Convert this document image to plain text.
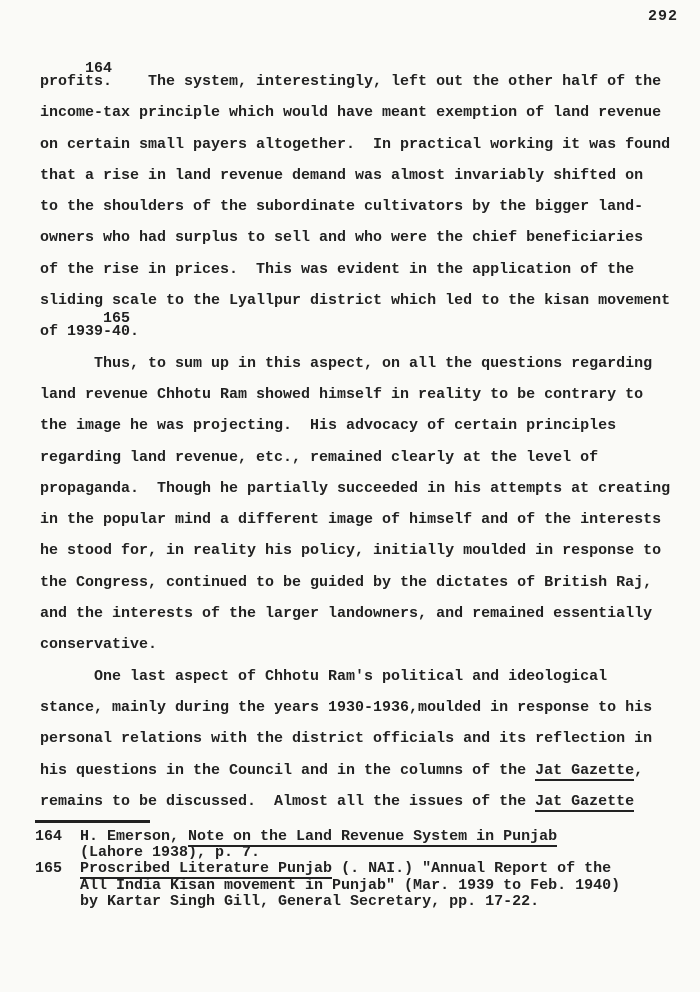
292
164
profits.    The system, interestingly, left out the other half of the
income-tax principle which would have meant exemption of land revenue
on certain small payers altogether.  In practical working it was found
that a rise in land revenue demand was almost invariably shifted on
to the shoulders of the subordinate cultivators by the bigger land-
owners who had surplus to sell and who were the chief beneficiaries
of the rise in prices.  This was evident in the application of the
sliding scale to the Lyallpur district which led to the kisan movement
165
of 1939-40.
Thus, to sum up in this aspect, on all the questions regarding
land revenue Chhotu Ram showed himself in reality to be contrary to
the image he was projecting.  His advocacy of certain principles
regarding land revenue, etc., remained clearly at the level of
propaganda.  Though he partially succeeded in his attempts at creating
in the popular mind a different image of himself and of the interests
he stood for, in reality his policy, initially moulded in response to
the Congress, continued to be guided by the dictates of British Raj,
and the interests of the larger landowners, and remained essentially
conservative.
One last aspect of Chhotu Ram's political and ideological
stance, mainly during the years 1930-1936,moulded in response to his
personal relations with the district officials and its reflection in
his questions in the Council and in the columns of the Jat Gazette,
remains to be discussed.  Almost all the issues of the Jat Gazette
164  H. Emerson, Note on the Land Revenue System in Punjab
(Lahore 1938), p. 7.
165  Proscribed Literature Punjab (. NAI.) "Annual Report of the
All India Kisan movement in Punjab" (Mar. 1939 to Feb. 1940)
by Kartar Singh Gill, General Secretary, pp. 17-22.
